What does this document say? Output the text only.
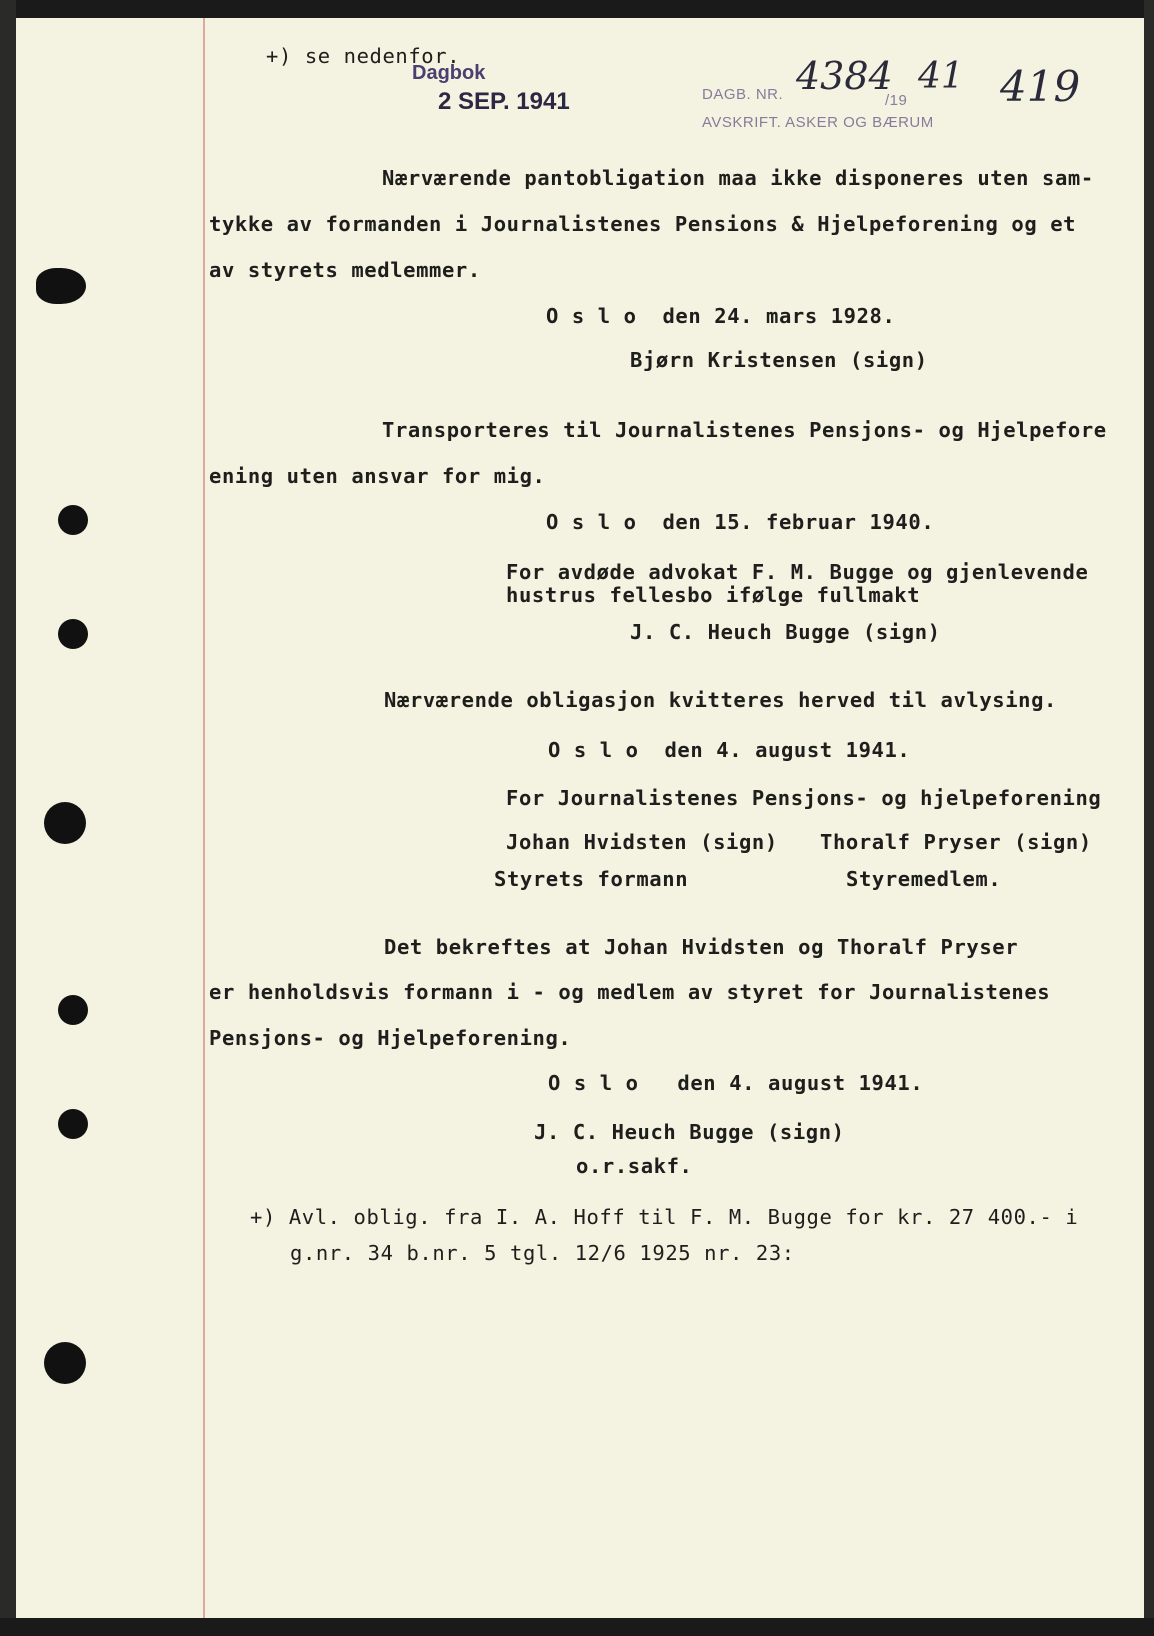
+) se nedenfor.
Dagbok
2 SEP. 1941	DAGB. NR. 4384
/19
41
AVSKRIFT. ASKER OG BÆRUM
419
Nærværende pantobligation maa ikke disponeres uten sam-
tykke av formanden i Journalistenes Pensions & Hjelpeforening og et
av styrets medlemmer.
O s l o  den 24. mars 1928.
Bjørn Kristensen (sign)
Transporteres til Journalistenes Pensjons- og Hjelpefore
ening uten ansvar for mig.
O s l o  den 15. februar 1940.
For avdøde advokat F. M. Bugge og gjenlevende
hustrus fellesbo ifølge fullmakt
J. C. Heuch Bugge (sign)
Nærværende obligasjon kvitteres herved til avlysing.
O s l o  den 4. august 1941.
For Journalistenes Pensjons- og hjelpeforening
Johan Hvidsten (sign) Thoralf Pryser (sign)
Styrets formann	Styremedlem.
Det bekreftes at Johan Hvidsten og Thoralf Pryser
er henholdsvis formann i - og medlem av styret for Journalistenes
Pensjons- og Hjelpeforening.
O s l o   den 4. august 1941.
J. C. Heuch Bugge (sign)
o.r.sakf.
+) Avl. oblig. fra I. A. Hoff til F. M. Bugge for kr. 27 400.- i
g.nr. 34 b.nr. 5 tgl. 12/6 1925 nr. 23:
